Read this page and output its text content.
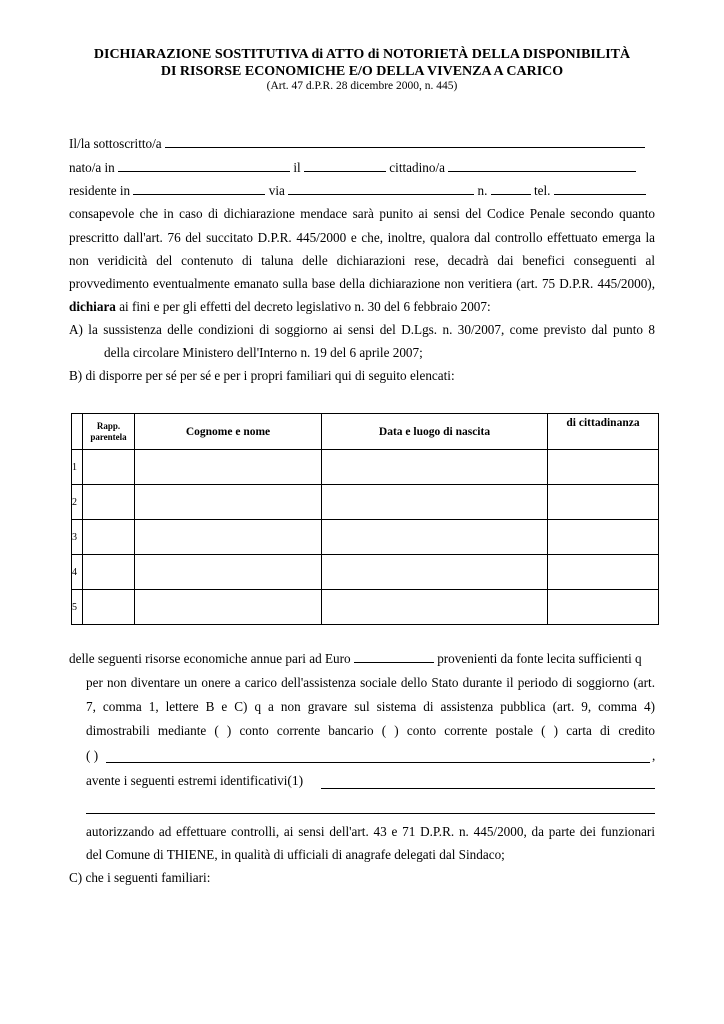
DICHIARAZIONE SOSTITUTIVA di ATTO di NOTORIETÀ DELLA DISPONIBILITÀ
DI RISORSE ECONOMICHE E/O DELLA VIVENZA A CARICO
(Art. 47 d.P.R. 28 dicembre 2000, n. 445)
Il/la sottoscritto/a
nato/a in	il	cittadino/a
residente in	via	n.	tel.
consapevole che in caso di dichiarazione mendace sarà punito ai sensi del Codice Penale secondo quanto
prescritto dall'art. 76 del succitato D.P.R. 445/2000 e che, inoltre, qualora dal controllo effettuato emerga la
non veridicità del contenuto di taluna delle dichiarazioni rese, decadrà dai benefici conseguenti al
provvedimento eventualmente emanato sulla base della dichiarazione non veritiera (art. 75 D.P.R. 445/2000),
dichiara ai fini e per gli effetti del decreto legislativo n. 30 del 6 febbraio 2007:
A) la sussistenza delle condizioni di soggiorno ai sensi del D.Lgs. n. 30/2007, come previsto dal punto 8
della circolare Ministero dell'Interno n. 19 del 6 aprile 2007;
B) di disporre per sé per sé e per i propri familiari qui di seguito elencati:
	Rapp. parentela	Cognome e nome	Data e luogo di nascita	di cittadinanza
1				
2				
3				
4				
5				
delle seguenti risorse economiche annue pari ad Euro	provenienti da fonte lecita sufficienti q
per non diventare un onere a carico dell'assistenza sociale dello Stato durante il periodo di soggiorno (art.
7, comma 1, lettere B e C) q a non gravare sul sistema di assistenza pubblica (art. 9, comma 4)
dimostrabili mediante ( ) conto corrente bancario ( ) conto corrente postale ( ) carta di credito
( )	,
avente i seguenti estremi identificativi(1)
autorizzando ad effettuare controlli, ai sensi dell'art. 43 e 71 D.P.R. n. 445/2000, da parte dei funzionari
del Comune di THIENE, in qualità di ufficiali di anagrafe delegati dal Sindaco;
C) che i seguenti familiari:
